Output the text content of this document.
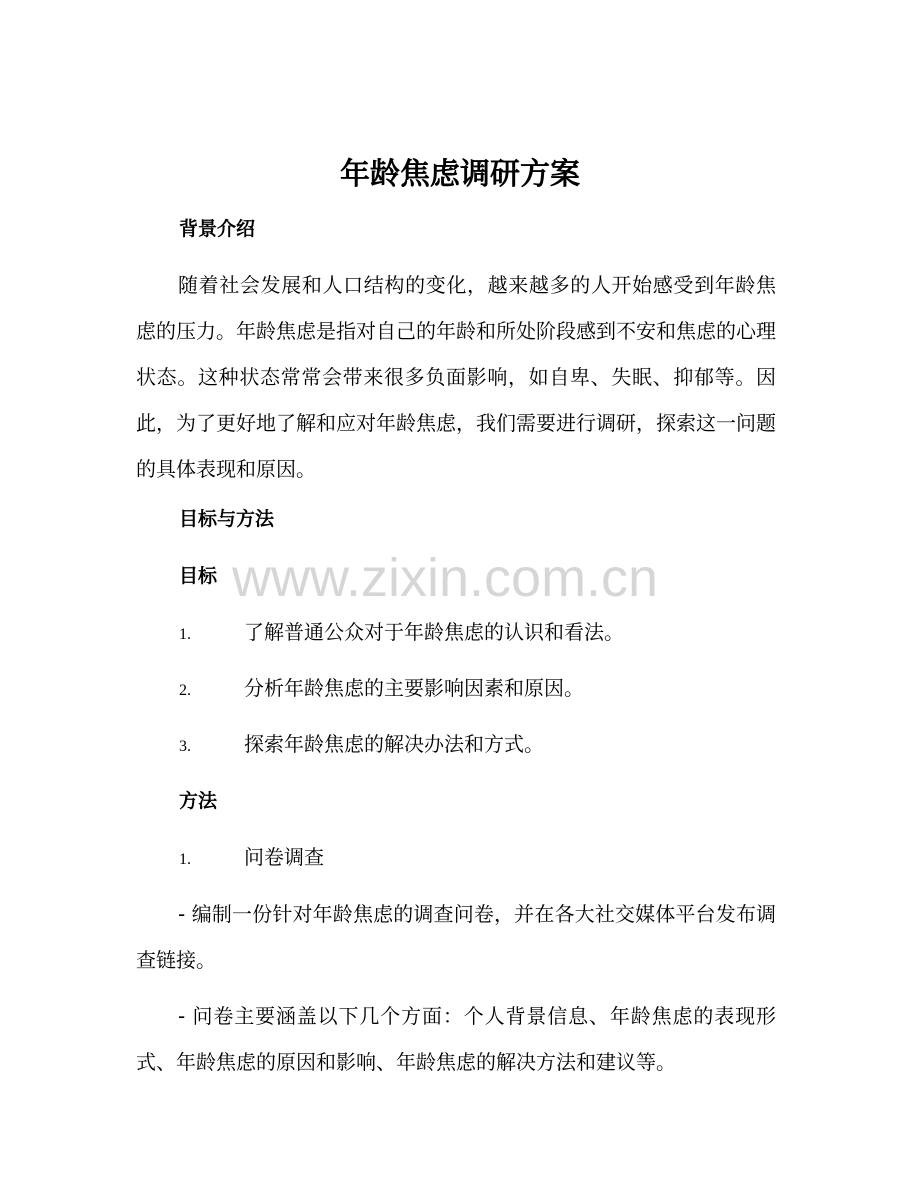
年龄焦虑调研方案
背景介绍

随着社会发展和人口结构的变化，越来越多的人开始感受到年龄焦虑的压力。年龄焦虑是指对自己的年龄和所处阶段感到不安和焦虑的心理状态。这种状态常常会带来很多负面影响，如自卑、失眠、抑郁等。因此，为了更好地了解和应对年龄焦虑，我们需要进行调研，探索这一问题的具体表现和原因。

目标与方法
目标
1.	了解普通公众对于年龄焦虑的认识和看法。
2.	分析年龄焦虑的主要影响因素和原因。
3.	探索年龄焦虑的解决办法和方式。
方法
1.	问卷调查

- 编制一份针对年龄焦虑的调查问卷，并在各大社交媒体平台发布调查链接。

- 问卷主要涵盖以下几个方面：个人背景信息、年龄焦虑的表现形式、年龄焦虑的原因和影响、年龄焦虑的解决方法和建议等。

www.zixin.com.cn
